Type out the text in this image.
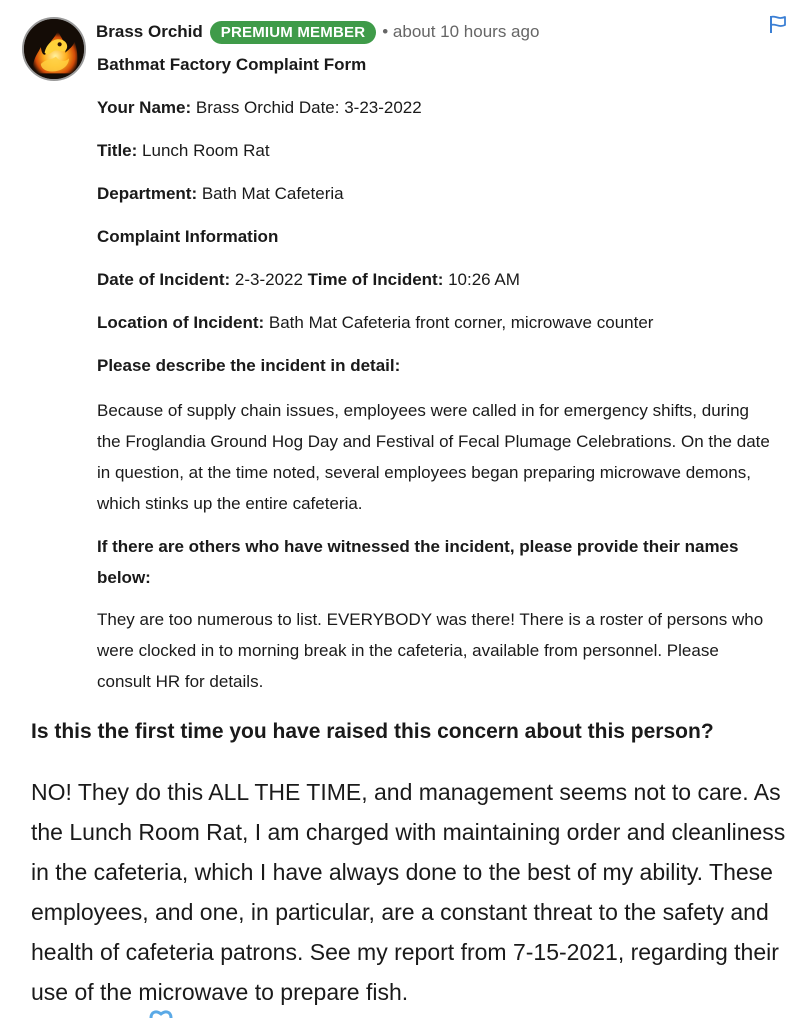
Brass Orchid	PREMIUM MEMBER	• about 10 hours ago

Bathmat Factory Complaint Form

Your Name: Brass Orchid Date: 3-23-2022

Title: Lunch Room Rat

Department: Bath Mat Cafeteria

Complaint Information

Date of Incident: 2-3-2022 Time of Incident: 10:26 AM

Location of Incident: Bath Mat Cafeteria front corner, microwave counter

Please describe the incident in detail:

Because of supply chain issues, employees were called in for emergency shifts, during the Froglandia Ground Hog Day and Festival of Fecal Plumage Celebrations. On the date in question, at the time noted, several employees began preparing microwave demons, which stinks up the entire cafeteria.

If there are others who have witnessed the incident, please provide their names below:

They are too numerous to list. EVERYBODY was there! There is a roster of persons who were clocked in to morning break in the cafeteria, available from personnel. Please consult HR for details.

Is this the first time you have raised this concern about this person?
NO! They do this ALL THE TIME, and management seems not to care. As the Lunch Room Rat, I am charged with maintaining order and cleanliness in the cafeteria, which I have always done to the best of my ability. These employees, and one, in particular, are a constant threat to the safety and health of cafeteria patrons. See my report from 7-15-2021, regarding their use of the microwave to prepare fish.
